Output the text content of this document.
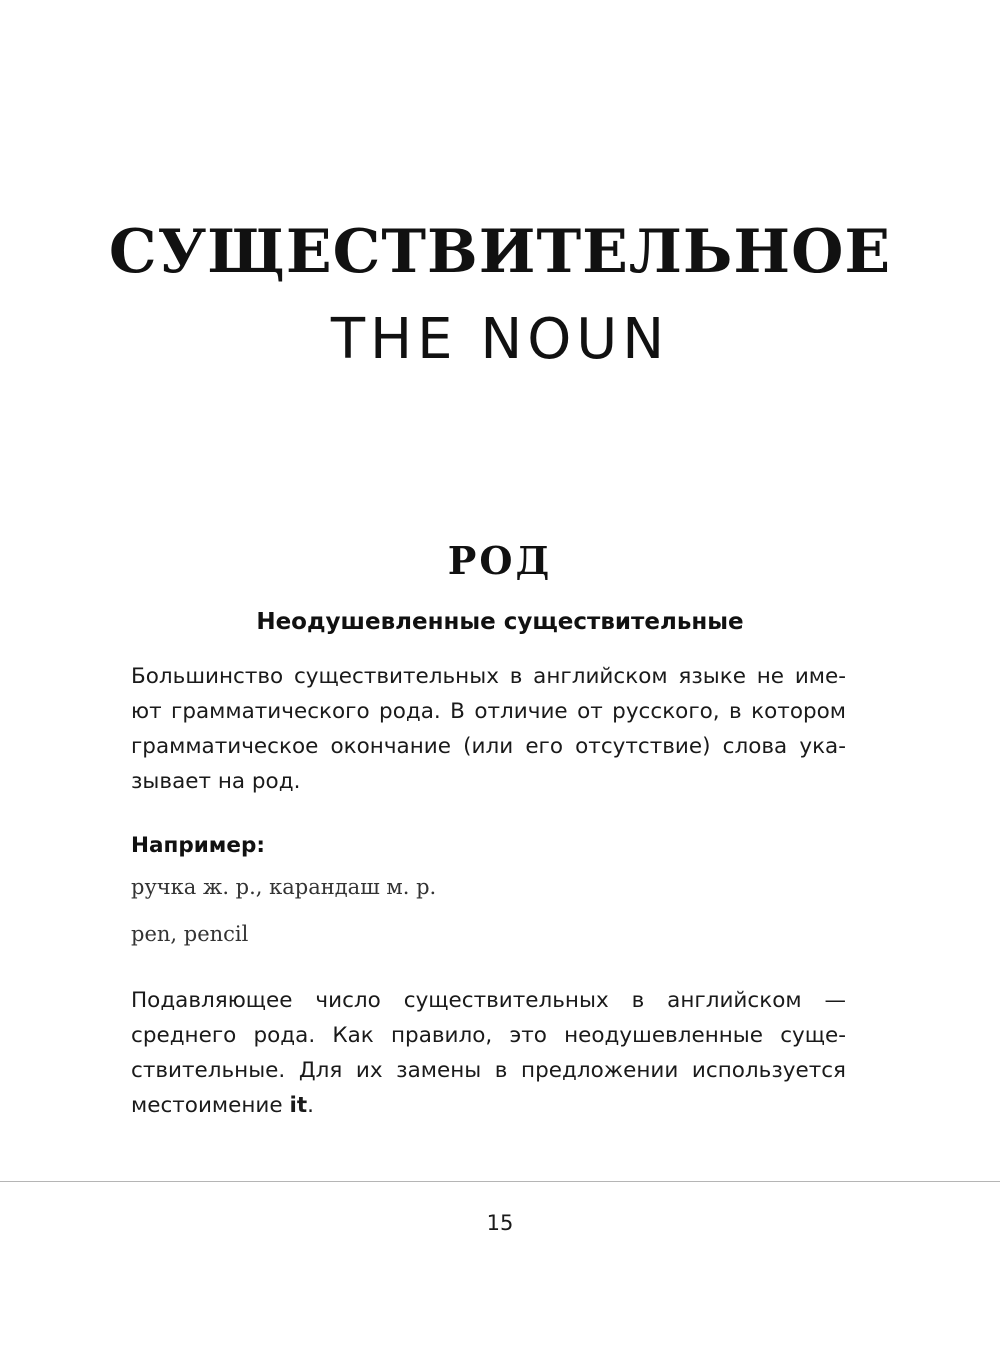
СУЩЕСТВИТЕЛЬНОЕ
THE NOUN
РОД
Неодушевленные существительные
Большинство существительных в английском языке не име-
ют грамматического рода. В отличие от русского, в котором
грамматическое окончание (или его отсутствие) слова ука-
зывает на род.
Например:
ручка ж. р., карандаш м. р.
pen, pencil
Подавляющее число существительных в английском —
среднего рода. Как правило, это неодушевленные суще-
ствительные. Для их замены в предложении используется
местоимение it.
15
